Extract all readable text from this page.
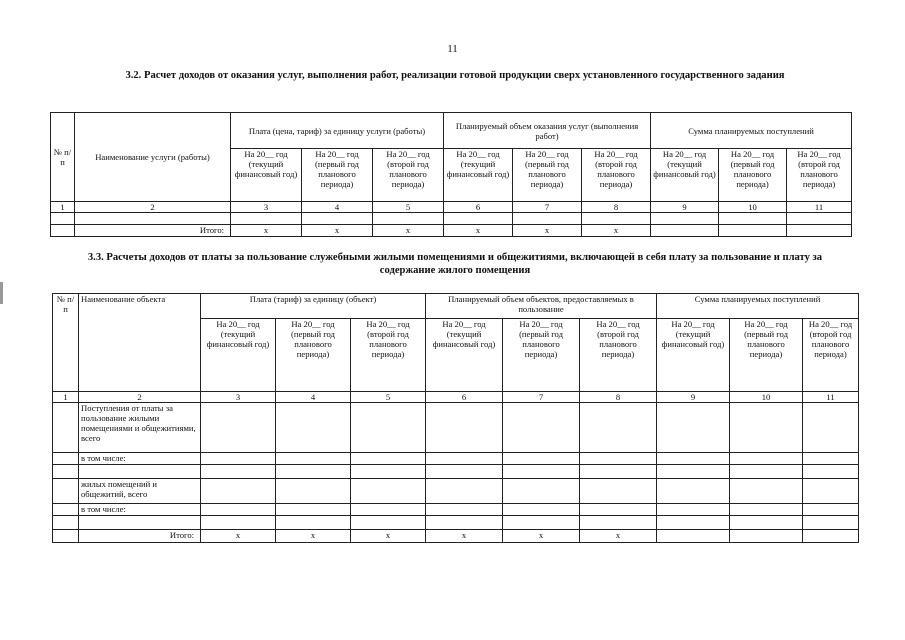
11
3.2. Расчет доходов от оказания услуг, выполнения работ, реализации готовой продукции сверх установленного государственного задания
№ п/п	Наименование услуги (работы)	Плата (цена, тариф) за единицу услуги (работы)			Планируемый объем оказания услуг (выполнения работ)			Сумма планируемых поступлений		
		На 20__ год (текущий финансовый год)	На 20__ год (первый год планового периода)	На 20__ год (второй год планового периода)	На 20__ год (текущий финансовый год)	На 20__ год (первый год планового периода)	На 20__ год (второй год планового периода)	На 20__ год (текущий финансовый год)	На 20__ год (первый год планового периода)	На 20__ год (второй год планового периода)
1	2	3	4	5	6	7	8	9	10	11

	Итого:	x	x	x	x	x	x			
3.3. Расчеты доходов от платы за пользование служебными жилыми помещениями и общежитиями, включающей в себя плату за пользование и плату за содержание жилого помещения
№ п/п	Наименование объекта	Плата (тариф) за единицу (объект)			Планируемый объем объектов, предоставляемых в пользование			Сумма планируемых поступлений		
		На 20__ год (текущий финансовый год)	На 20__ год (первый год планового периода)	На 20__ год (второй год планового периода)	На 20__ год (текущий финансовый год)	На 20__ год (первый год планового периода)	На 20__ год (второй год планового периода)	На 20__ год (текущий финансовый год)	На 20__ год (первый год планового периода)	На 20__ год (второй год планового периода)
1	2	3	4	5	6	7	8	9	10	11
	Поступления от платы за пользование жилыми помещениями и общежитиями, всего									
	в том числе:									

	жилых помещений и общежитий, всего									
	в том числе:									

	Итого:	x	x	x	x	x	x			
